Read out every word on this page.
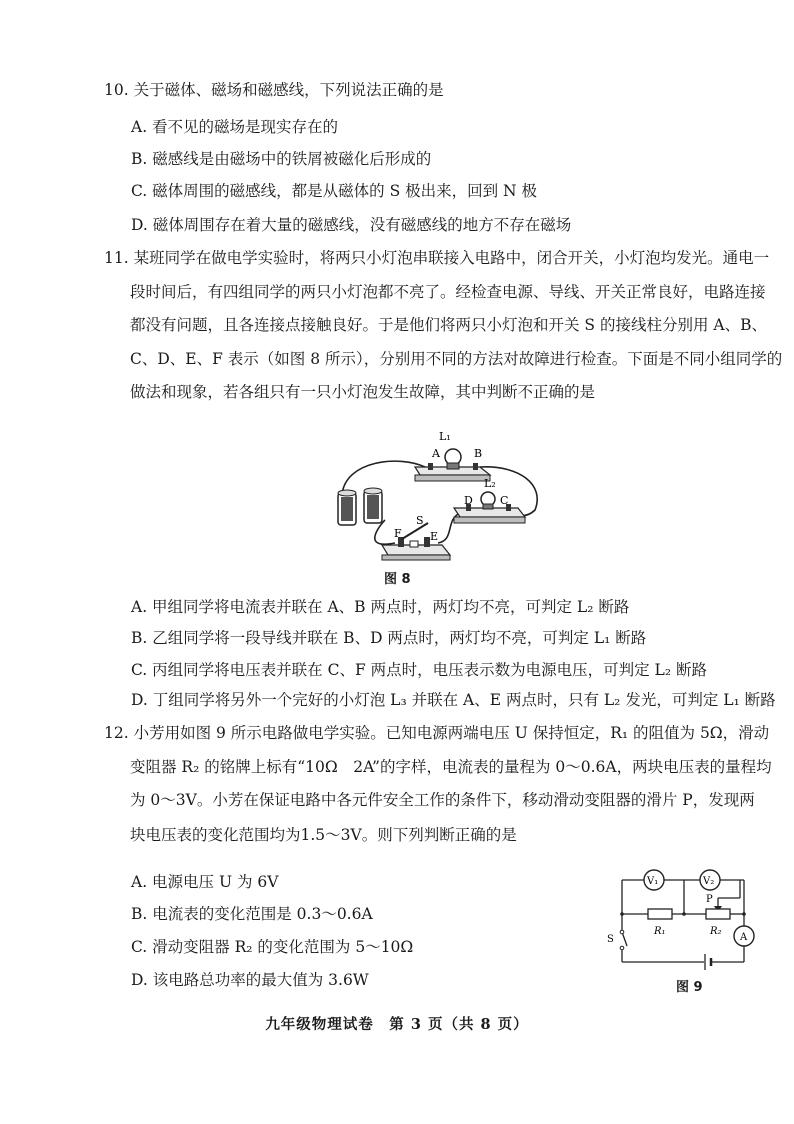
10. 关于磁体、磁场和磁感线，下列说法正确的是
A. 看不见的磁场是现实存在的
B. 磁感线是由磁场中的铁屑被磁化后形成的
C. 磁体周围的磁感线，都是从磁体的 S 极出来，回到 N 极
D. 磁体周围存在着大量的磁感线，没有磁感线的地方不存在磁场
11. 某班同学在做电学实验时，将两只小灯泡串联接入电路中，闭合开关，小灯泡均发光。通电一
段时间后，有四组同学的两只小灯泡都不亮了。经检查电源、导线、开关正常良好，电路连接
都没有问题，且各连接点接触良好。于是他们将两只小灯泡和开关 S 的接线柱分别用 A、B、
C、D、E、F 表示（如图 8 所示），分别用不同的方法对故障进行检查。下面是不同小组同学的
做法和现象，若各组只有一只小灯泡发生故障，其中判断不正确的是
L₁
A	B
L₂
D C
S
F	E
图 8
A. 甲组同学将电流表并联在 A、B 两点时，两灯均不亮，可判定 L₂ 断路
B. 乙组同学将一段导线并联在 B、D 两点时，两灯均不亮，可判定 L₁ 断路
C. 丙组同学将电压表并联在 C、F 两点时，电压表示数为电源电压，可判定 L₂ 断路
D. 丁组同学将另外一个完好的小灯泡 L₃ 并联在 A、E 两点时，只有 L₂ 发光，可判定 L₁ 断路
12. 小芳用如图 9 所示电路做电学实验。已知电源两端电压 U 保持恒定，R₁ 的阻值为 5Ω，滑动
变阻器 R₂ 的铭牌上标有“10Ω　2A”的字样，电流表的量程为 0～0.6A，两块电压表的量程均
为 0～3V。小芳在保证电路中各元件安全工作的条件下，移动滑动变阻器的滑片 P，发现两
块电压表的变化范围均为1.5～3V。则下列判断正确的是
A. 电源电压 U 为 6V
B. 电流表的变化范围是 0.3～0.6A
C. 滑动变阻器 R₂ 的变化范围为 5～10Ω
D. 该电路总功率的最大值为 3.6W
V₁	V₂
A
P
R₁	R₂
S
图 9
九年级物理试卷　第 3 页（共 8 页）
